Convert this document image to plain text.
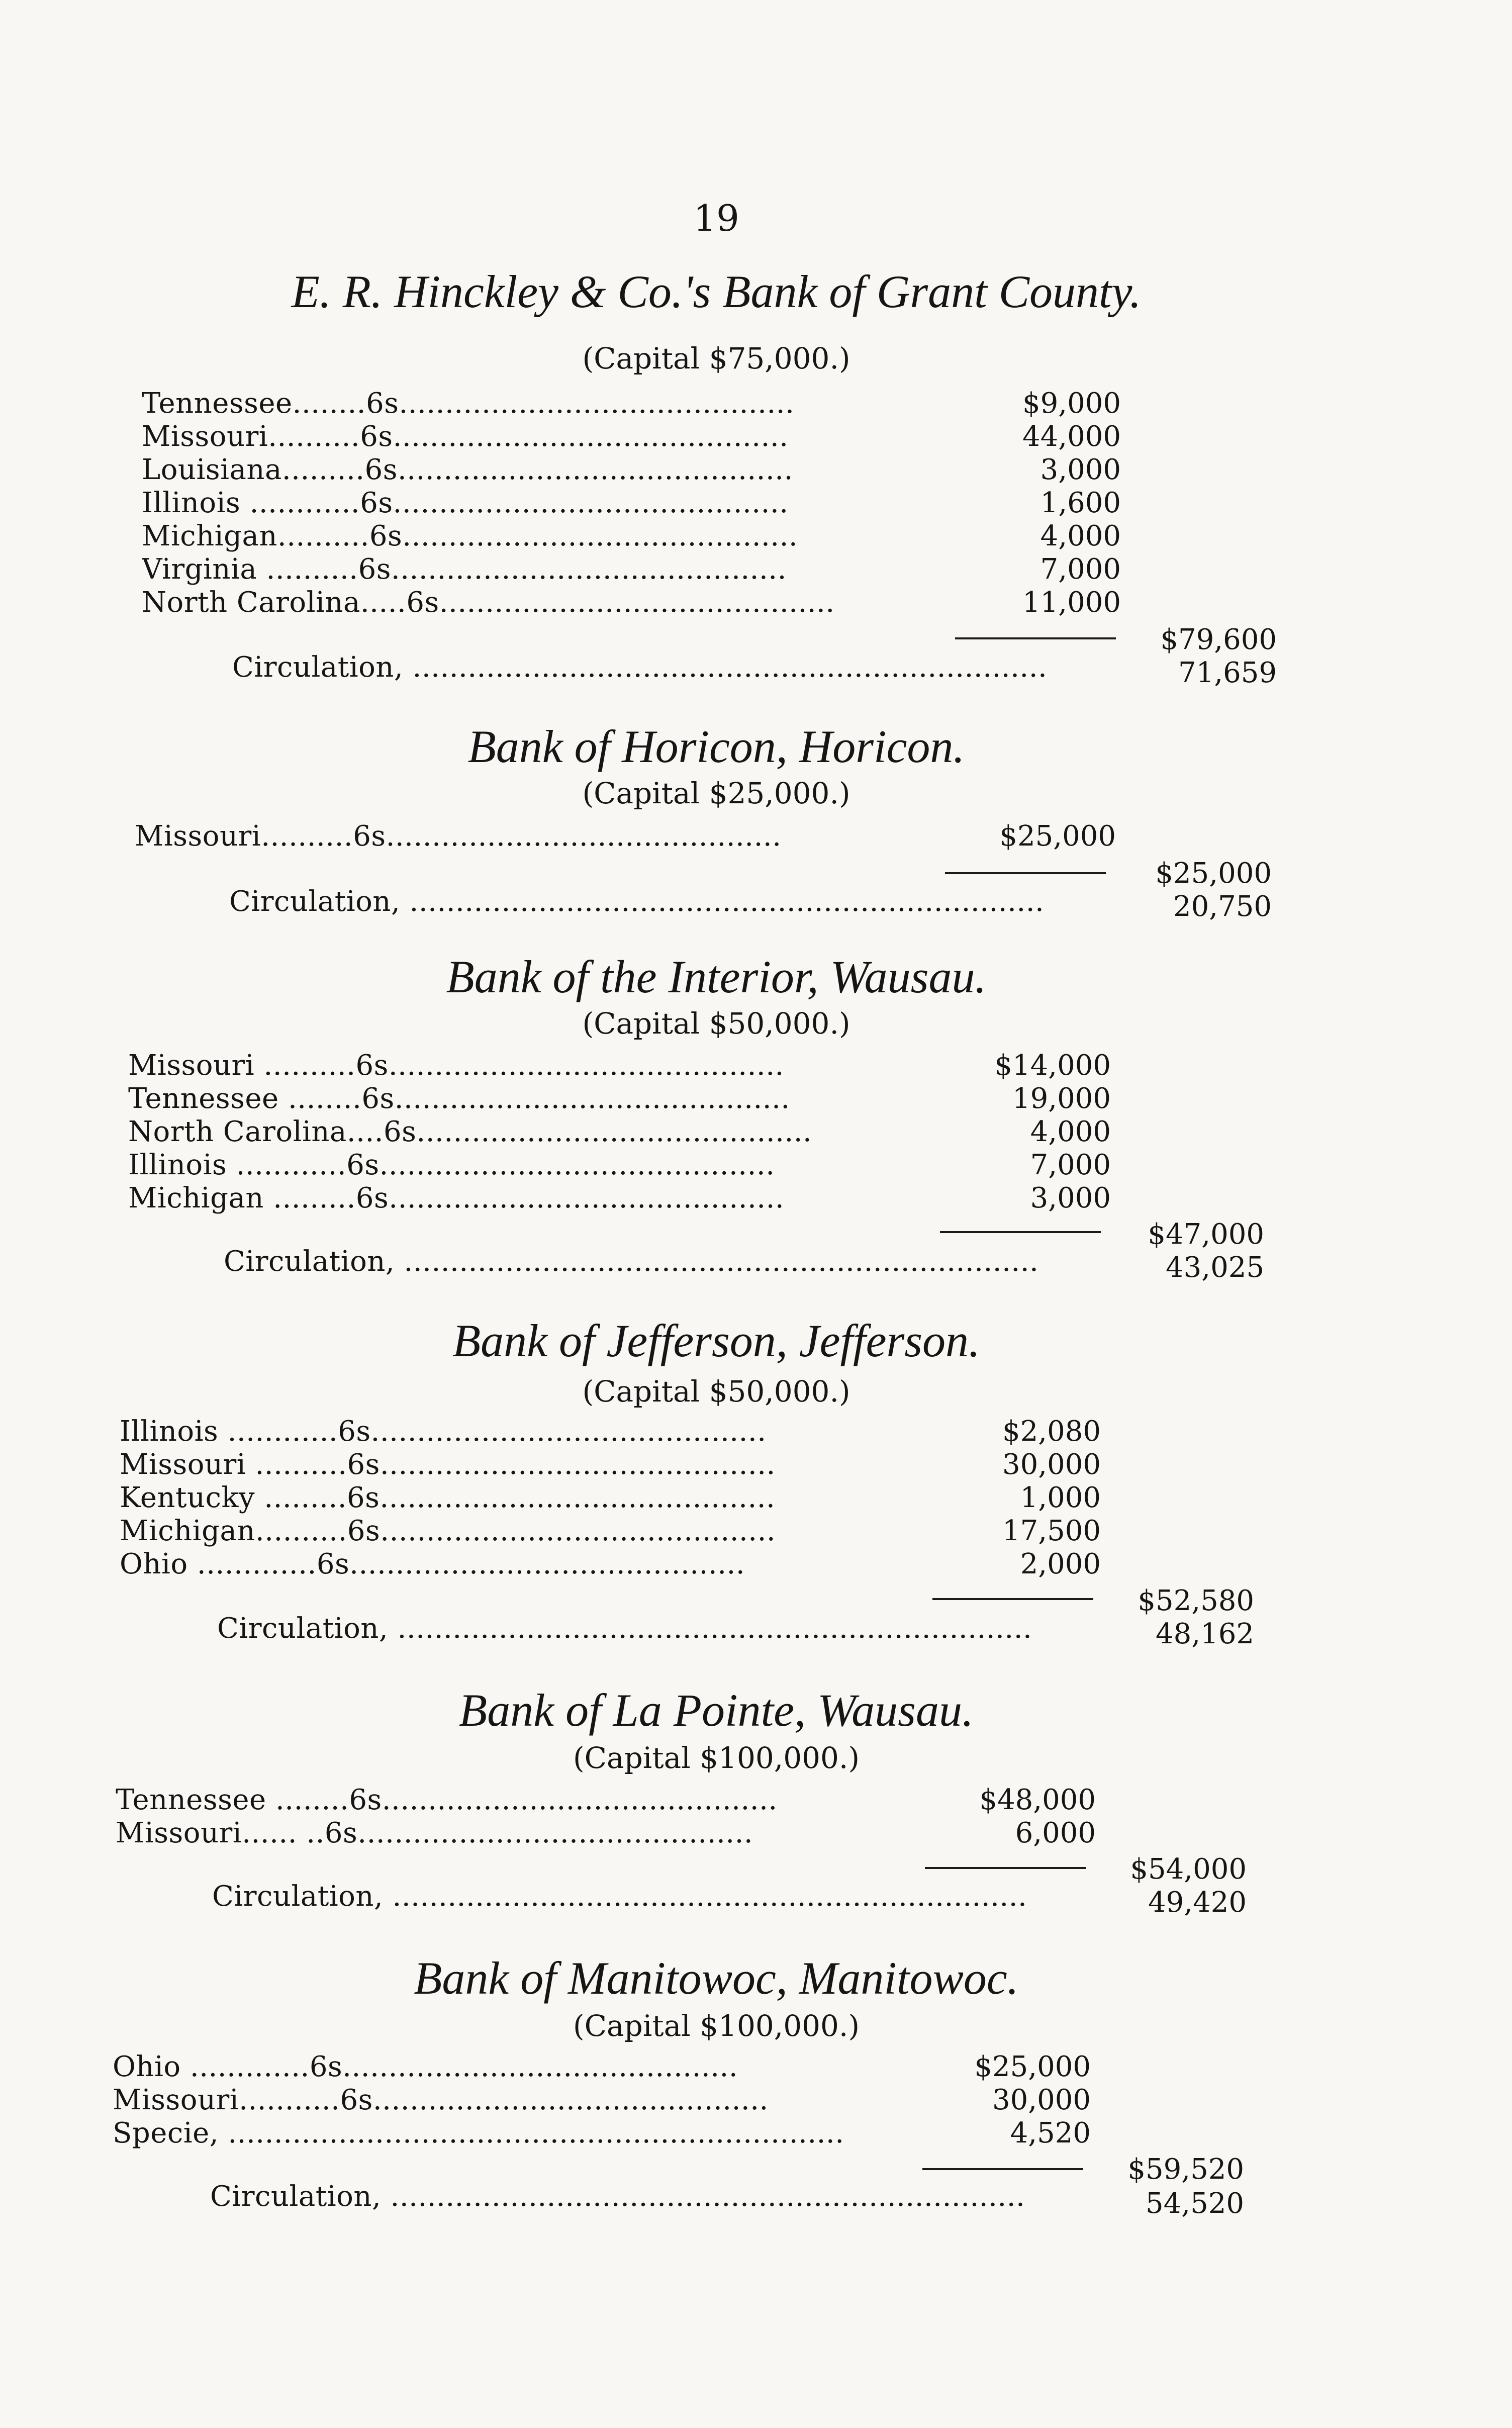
19
E. R. Hinckley & Co.'s Bank of Grant County.
(Capital $75,000.)
Tennessee........6s...........................................	$9,000
Missouri..........6s...........................................	44,000
Louisiana.........6s...........................................	3,000
Illinois ............6s...........................................	1,600
Michigan..........6s...........................................	4,000
Virginia ..........6s...........................................	7,000
North Carolina.....6s...........................................	11,000
$79,600
Circulation, .....................................................................	71,659
Bank of Horicon, Horicon.
(Capital $25,000.)
Missouri..........6s...........................................	$25,000
$25,000
Circulation, .....................................................................	20,750
Bank of the Interior, Wausau.
(Capital $50,000.)
Missouri ..........6s...........................................	$14,000
Tennessee ........6s...........................................	19,000
North Carolina....6s...........................................	4,000
Illinois ............6s...........................................	7,000
Michigan .........6s...........................................	3,000
$47,000
Circulation, .....................................................................	43,025
Bank of Jefferson, Jefferson.
(Capital $50,000.)
Illinois ............6s...........................................	$2,080
Missouri ..........6s...........................................	30,000
Kentucky .........6s...........................................	1,000
Michigan..........6s...........................................	17,500
Ohio .............6s...........................................	2,000
$52,580
Circulation, .....................................................................	48,162
Bank of La Pointe, Wausau.
(Capital $100,000.)
Tennessee ........6s...........................................	$48,000
Missouri...... ..6s...........................................	6,000
$54,000
Circulation, .....................................................................	49,420
Bank of Manitowoc, Manitowoc.
(Capital $100,000.)
Ohio .............6s...........................................	$25,000
Missouri...........6s...........................................	30,000
Specie, ...................................................................	4,520
$59,520
Circulation, .....................................................................	54,520
